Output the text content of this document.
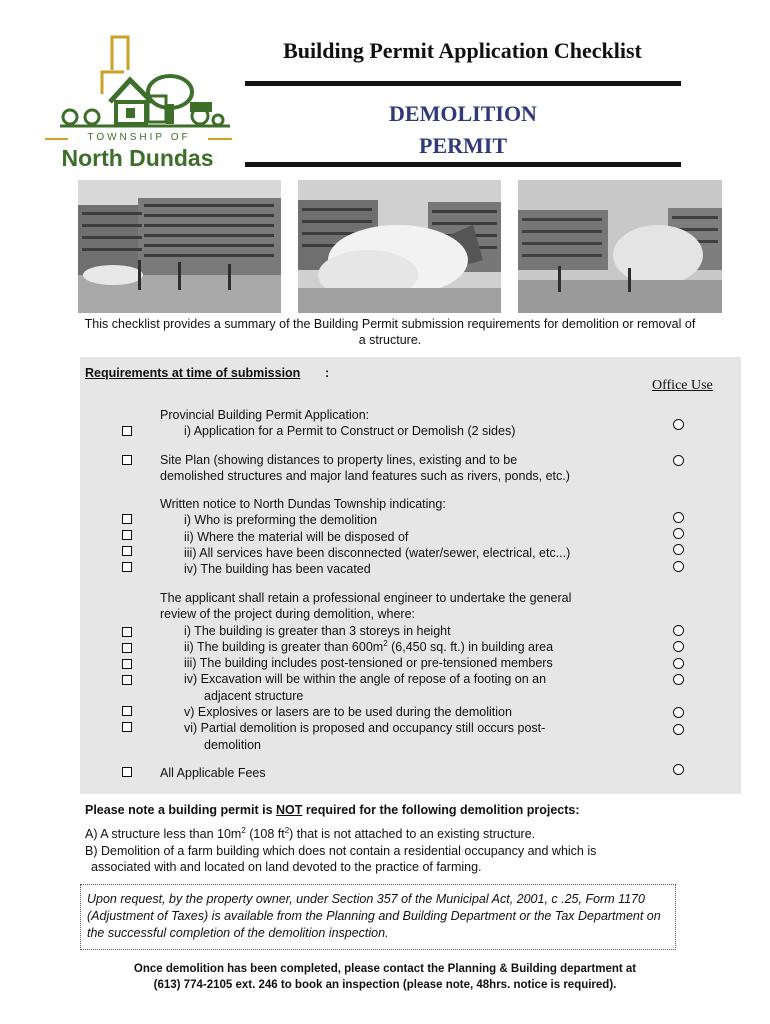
TOWNSHIP OF
North Dundas
Building Permit Application Checklist
DEMOLITION
PERMIT
This checklist provides a summary of the Building Permit submission requirements for demolition or removal of a structure.
Requirements at time of submission :
Office Use
Provincial Building Permit Application:
i) Application for a Permit to Construct or Demolish (2 sides)
Site Plan (showing distances to property lines, existing and to be
demolished structures and major land features such as rivers, ponds, etc.)
Written notice to North Dundas Township indicating:
i) Who is preforming the demolition
ii) Where the material will be disposed of
iii) All services have been disconnected (water/sewer, electrical, etc...)
iv) The building has been vacated
The applicant shall retain a professional engineer to undertake the general
review of the project during demolition, where:
i) The building is greater than 3 storeys in height
ii) The building is greater than $600m^2$ (6,450 sq. ft.) in building area
iii) The building includes post-tensioned or pre-tensioned members
iv) Excavation will be within the angle of repose of a footing on an
adjacent structure
v) Explosives or lasers are to be used during the demolition
vi) Partial demolition is proposed and occupancy still occurs post-
demolition
All Applicable Fees
Please note a building permit is NOT required for the following demolition projects:
A) A structure less than $10m^2$ (108 $ft^2$) that is not attached to an existing structure.
B) Demolition of a farm building which does not contain a residential occupancy and which is
associated with and located on land devoted to the practice of farming.
Upon request, by the property owner, under Section 357 of the Municipal Act, 2001, c .25, Form 1170 (Adjustment of Taxes) is available from the Planning and Building Department or the Tax Department on the successful completion of the demolition inspection.
Once demolition has been completed, please contact the Planning & Building department at
(613) 774-2105 ext. 246 to book an inspection (please note, 48hrs. notice is required).
